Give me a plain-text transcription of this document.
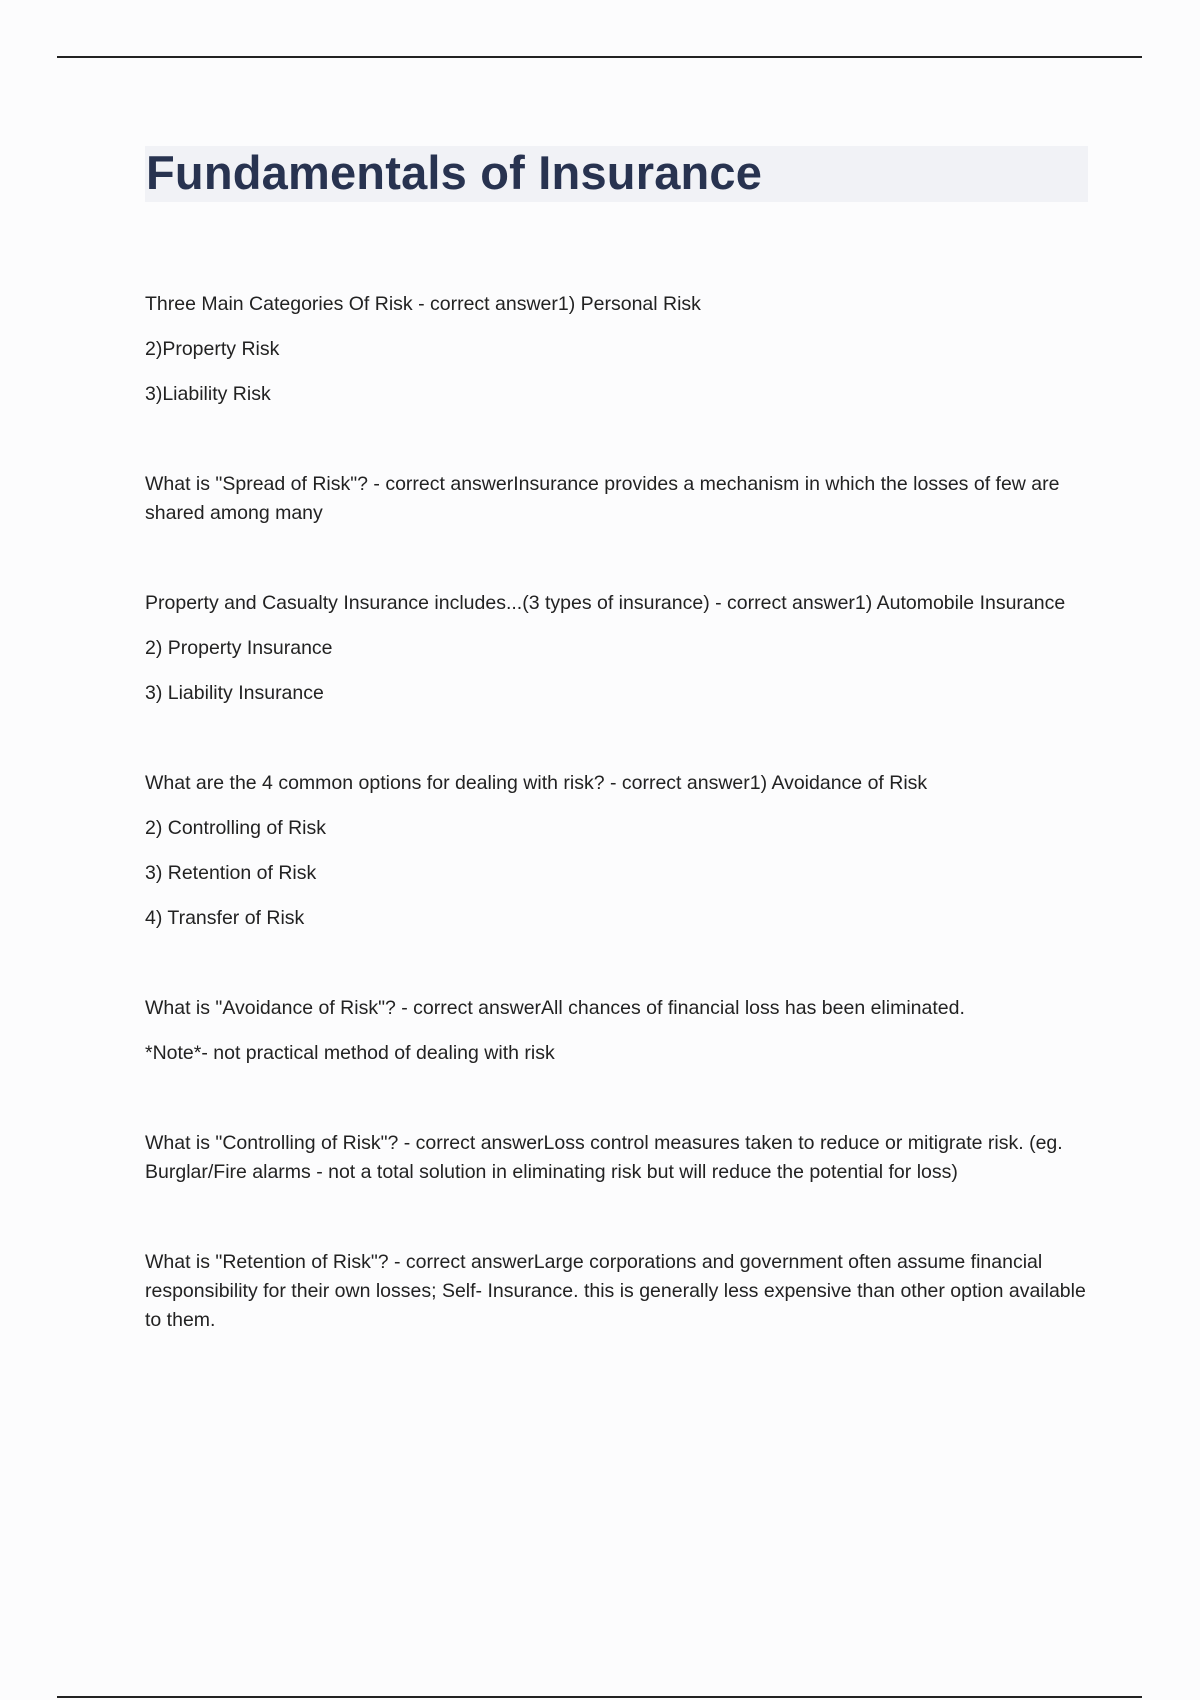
Fundamentals of Insurance

Three Main Categories Of Risk - correct answer1) Personal Risk

2)Property Risk

3)Liability Risk

What is "Spread of Risk"? - correct answerInsurance provides a mechanism in which the losses of few are shared among many

Property and Casualty Insurance includes...(3 types of insurance) - correct answer1) Automobile Insurance

2) Property Insurance

3) Liability Insurance

What are the 4 common options for dealing with risk? - correct answer1) Avoidance of Risk

2) Controlling of Risk

3) Retention of Risk

4) Transfer of Risk

What is "Avoidance of Risk"? - correct answerAll chances of financial loss has been eliminated.

*Note*- not practical method of dealing with risk

What is "Controlling of Risk"? - correct answerLoss control measures taken to reduce or mitigrate risk. (eg. Burglar/Fire alarms - not a total solution in eliminating risk but will reduce the potential for loss)

What is "Retention of Risk"? - correct answerLarge corporations and government often assume financial responsibility for their own losses; Self- Insurance. this is generally less expensive than other option available to them.
